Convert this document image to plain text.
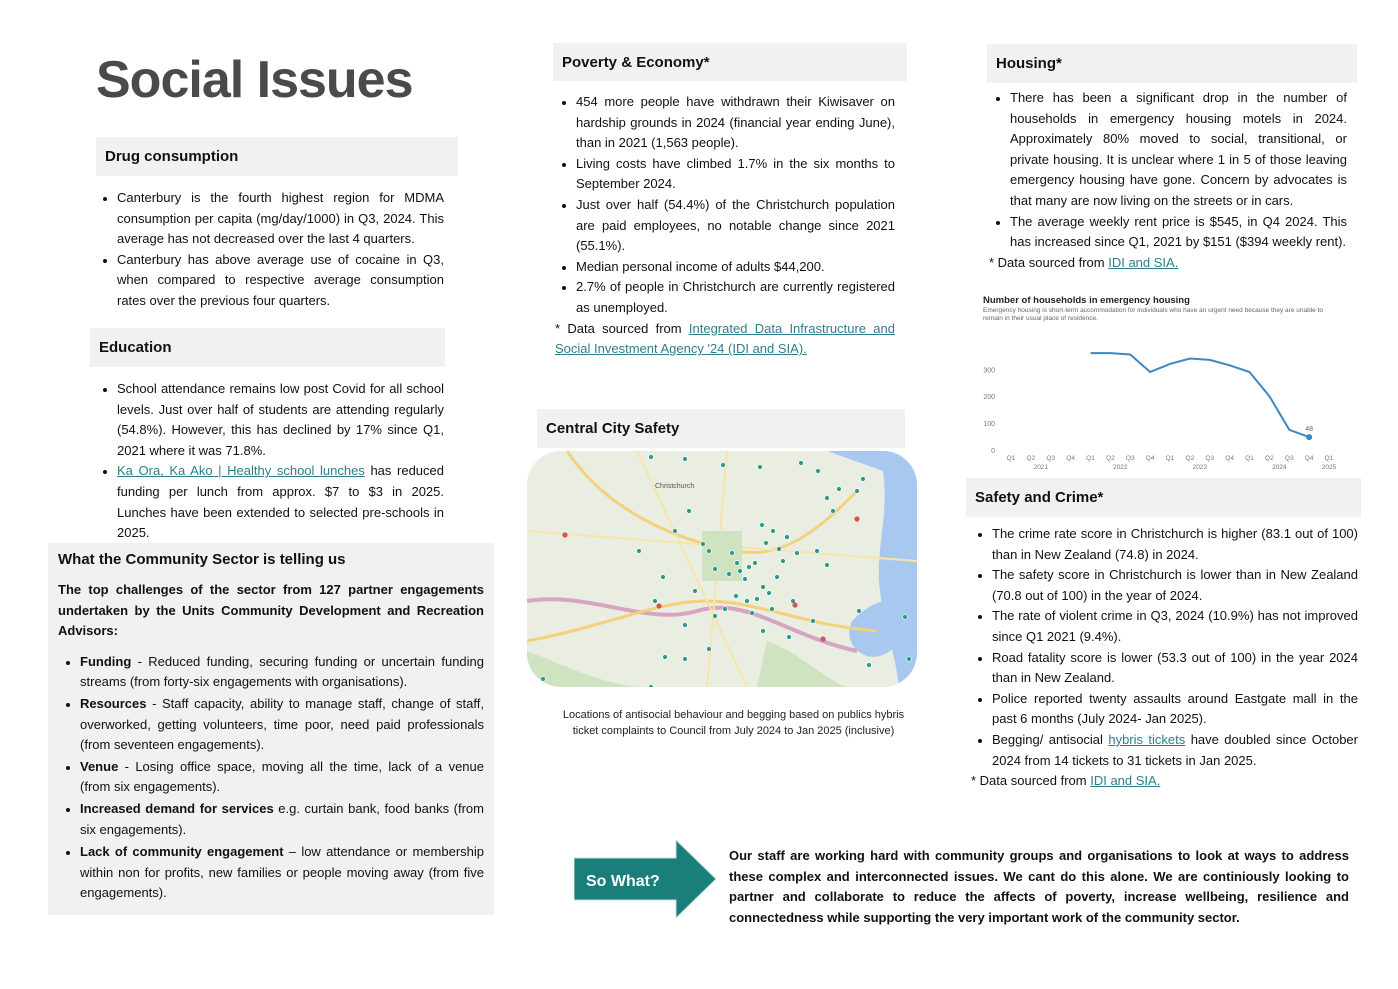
Social Issues
Drug consumption
• Canterbury is the fourth highest region for MDMA consumption per capita (mg/day/1000) in Q3, 2024. This average has not decreased over the last 4 quarters.
• Canterbury has above average use of cocaine in Q3, when compared to respective average consumption rates over the previous four quarters.
Education
• School attendance remains low post Covid for all school levels. Just over half of students are attending regularly (54.8%). However, this has declined by 17% since Q1, 2021 where it was 71.8%.
• Ka Ora, Ka Ako | Healthy school lunches has reduced funding per lunch from approx. $7 to $3 in 2025. Lunches have been extended to selected pre-schools in 2025.
What the Community Sector is telling us
The top challenges of the sector from 127 partner engagements undertaken by the Units Community Development and Recreation Advisors:
• Funding - Reduced funding, securing funding or uncertain funding streams (from forty-six engagements with organisations).
• Resources - Staff capacity, ability to manage staff, change of staff, overworked, getting volunteers, time poor, need paid professionals (from seventeen engagements).
• Venue - Losing office space, moving all the time, lack of a venue (from six engagements).
• Increased demand for services e.g. curtain bank, food banks (from six engagements).
• Lack of community engagement – low attendance or membership within non for profits, new families or people moving away (from five engagements).
Poverty & Economy*
• 454 more people have withdrawn their Kiwisaver on hardship grounds in 2024 (financial year ending June), than in 2021 (1,563 people).
• Living costs have climbed 1.7% in the six months to September 2024.
• Just over half (54.4%) of the Christchurch population are paid employees, no notable change since 2021 (55.1%).
• Median personal income of adults $44,200.
• 2.7% of people in Christchurch are currently registered as unemployed.
* Data sourced from Integrated Data Infrastructure and Social Investment Agency '24 (IDI and SIA).
Central City Safety
Christchurch
Locations of antisocial behaviour and begging based on publics hybris ticket complaints to Council from July 2024 to Jan 2025 (inclusive)
Housing*
• There has been a significant drop in the number of households in emergency housing motels in 2024. Approximately 80% moved to social, transitional, or private housing. It is unclear where 1 in 5 of those leaving emergency housing have gone. Concern by advocates is that many are now living on the streets or in cars.
• The average weekly rent price is $545, in Q4 2024. This has increased since Q1, 2021 by $151 ($394 weekly rent).
* Data sourced from IDI and SIA.
Number of households in emergency housing
Emergency housing is short-term accommodation for individuals who have an urgent need because they are unable to remain in their usual place of residence.
0
100
200
300
Q1 Q2 Q3 Q4 Q1 Q2 Q3 Q4 Q1 Q2 Q3 Q4 Q1 Q2 Q3 Q4 Q1
2021	2022	2023	2024	2025
48
Safety and Crime*
• The crime rate score in Christchurch is higher (83.1 out of 100) than in New Zealand (74.8) in 2024.
• The safety score in Christchurch is lower than in New Zealand (70.8 out of 100) in the year of 2024.
• The rate of violent crime in Q3, 2024 (10.9%) has not improved since Q1 2021 (9.4%).
• Road fatality score is lower (53.3 out of 100) in the year 2024 than in New Zealand.
• Police reported twenty assaults around Eastgate mall in the past 6 months (July 2024- Jan 2025).
• Begging/ antisocial hybris tickets have doubled since October 2024 from 14 tickets to 31 tickets in Jan 2025.
* Data sourced from IDI and SIA.
So What?
Our staff are working hard with community groups and organisations to look at ways to address these complex and interconnected issues. We cant do this alone. We are continiously looking to partner and collaborate to reduce the affects of poverty, increase wellbeing, resilience and connectedness while supporting the very important work of the community sector.
